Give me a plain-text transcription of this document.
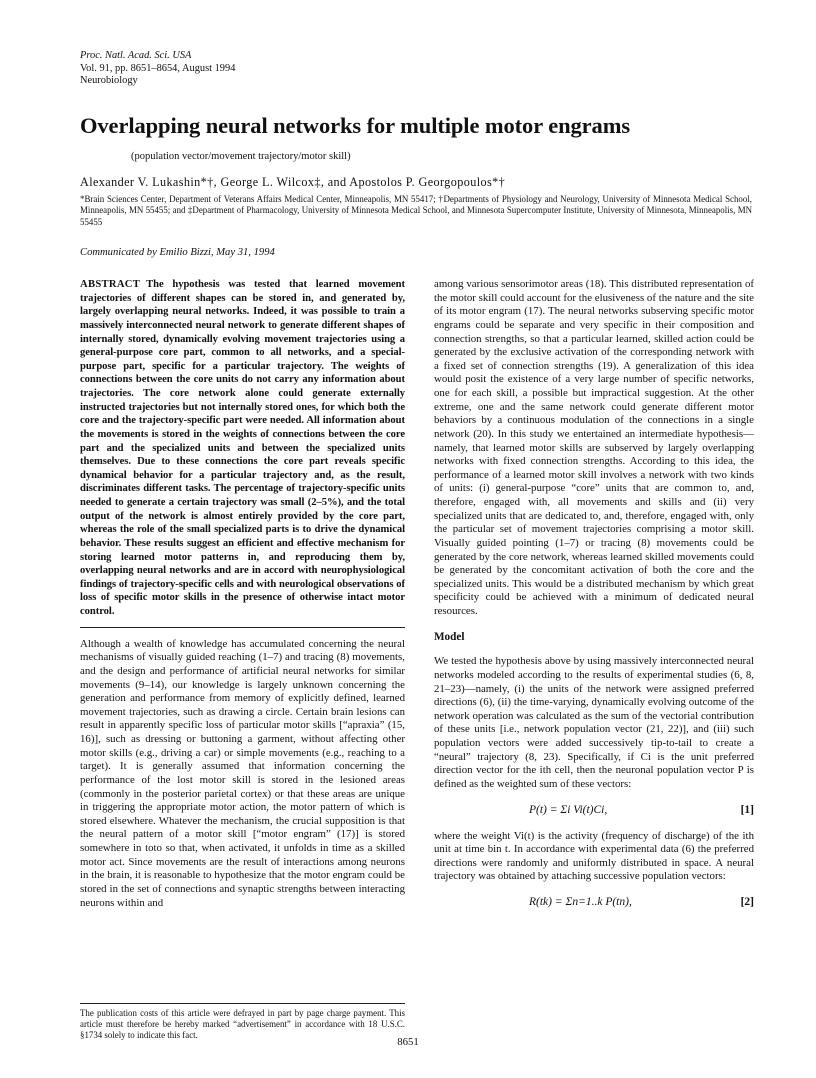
Proc. Natl. Acad. Sci. USA
Vol. 91, pp. 8651–8654, August 1994
Neurobiology
Overlapping neural networks for multiple motor engrams
(population vector/movement trajectory/motor skill)
Alexander V. Lukashin*†, George L. Wilcox‡, and Apostolos P. Georgopoulos*†
*Brain Sciences Center, Department of Veterans Affairs Medical Center, Minneapolis, MN 55417; †Departments of Physiology and Neurology, University of Minnesota Medical School, Minneapolis, MN 55455; and ‡Department of Pharmacology, University of Minnesota Medical School, and Minnesota Supercomputer Institute, University of Minnesota, Minneapolis, MN 55455
Communicated by Emilio Bizzi, May 31, 1994
ABSTRACT The hypothesis was tested that learned movement trajectories of different shapes can be stored in, and generated by, largely overlapping neural networks. Indeed, it was possible to train a massively interconnected neural network to generate different shapes of internally stored, dynamically evolving movement trajectories using a general-purpose core part, common to all networks, and a special-purpose part, specific for a particular trajectory. The weights of connections between the core units do not carry any information about trajectories. The core network alone could generate externally instructed trajectories but not internally stored ones, for which both the core and the trajectory-specific part were needed. All information about the movements is stored in the weights of connections between the core part and the specialized units and between the specialized units themselves. Due to these connections the core part reveals specific dynamical behavior for a particular trajectory and, as the result, discriminates different tasks. The percentage of trajectory-specific units needed to generate a certain trajectory was small (2–5%), and the total output of the network is almost entirely provided by the core part, whereas the role of the small specialized parts is to drive the dynamical behavior. These results suggest an efficient and effective mechanism for storing learned motor patterns in, and reproducing them by, overlapping neural networks and are in accord with neurophysiological findings of trajectory-specific cells and with neurological observations of loss of specific motor skills in the presence of otherwise intact motor control.
Although a wealth of knowledge has accumulated concerning the neural mechanisms of visually guided reaching (1–7) and tracing (8) movements, and the design and performance of artificial neural networks for similar movements (9–14), our knowledge is largely unknown concerning the generation and performance from memory of explicitly defined, learned movement trajectories, such as drawing a circle. Certain brain lesions can result in apparently specific loss of particular motor skills [“apraxia” (15, 16)], such as dressing or buttoning a garment, without affecting other motor skills (e.g., driving a car) or simple movements (e.g., reaching to a target). It is generally assumed that information concerning the performance of the lost motor skill is stored in the lesioned areas (commonly in the posterior parietal cortex) or that these areas are unique in triggering the appropriate motor action, the motor pattern of which is stored elsewhere. Whatever the mechanism, the crucial supposition is that the neural pattern of a motor skill [“motor engram” (17)] is stored somewhere in toto so that, when activated, it unfolds in time as a skilled motor act. Since movements are the result of interactions among neurons in the brain, it is reasonable to hypothesize that the motor engram could be stored in the set of connections and synaptic strengths between interacting neurons within and
among various sensorimotor areas (18). This distributed representation of the motor skill could account for the elusiveness of the nature and the site of its motor engram (17). The neural networks subserving specific motor engrams could be separate and very specific in their composition and connection strengths, so that a particular learned, skilled action could be generated by the exclusive activation of the corresponding network with a fixed set of connection strengths (19). A generalization of this idea would posit the existence of a very large number of specific networks, one for each skill, a possible but impractical suggestion. At the other extreme, one and the same network could generate different motor behaviors by a continuous modulation of the connections in a single network (20). In this study we entertained an intermediate hypothesis—namely, that learned motor skills are subserved by largely overlapping networks with fixed connection strengths. According to this idea, the performance of a learned motor skill involves a network with two kinds of units: (i) general-purpose “core” units that are common to, and, therefore, engaged with, all movements and skills and (ii) very specialized units that are dedicated to, and, therefore, engaged with, only the particular set of movement trajectories comprising a motor skill. Visually guided pointing (1–7) or tracing (8) movements could be generated by the core network, whereas learned skilled movements could be generated by the concomitant activation of both the core and the specialized units. This would be a distributed mechanism by which great specificity could be achieved with a minimum of dedicated neural resources.
Model
We tested the hypothesis above by using massively interconnected neural networks modeled according to the results of experimental studies (6, 8, 21–23)—namely, (i) the units of the network were assigned preferred directions (6), (ii) the time-varying, dynamically evolving outcome of the network operation was calculated as the sum of the vectorial contribution of these units [i.e., network population vector (21, 22)], and (iii) such population vectors were added successively tip-to-tail to create a “neural” trajectory (8, 23). Specifically, if Ci is the unit preferred direction vector for the ith cell, then the neuronal population vector P is defined as the weighted sum of these vectors:
P(t) = Σi Vi(t)Ci,	[1]
where the weight Vi(t) is the activity (frequency of discharge) of the ith unit at time bin t. In accordance with experimental data (6) the preferred directions were randomly and uniformly distributed in space. A neural trajectory was obtained by attaching successive population vectors:
R(tk) = Σn=1..k P(tn),	[2]
The publication costs of this article were defrayed in part by page charge payment. This article must therefore be hereby marked “advertisement” in accordance with 18 U.S.C. §1734 solely to indicate this fact.
8651
